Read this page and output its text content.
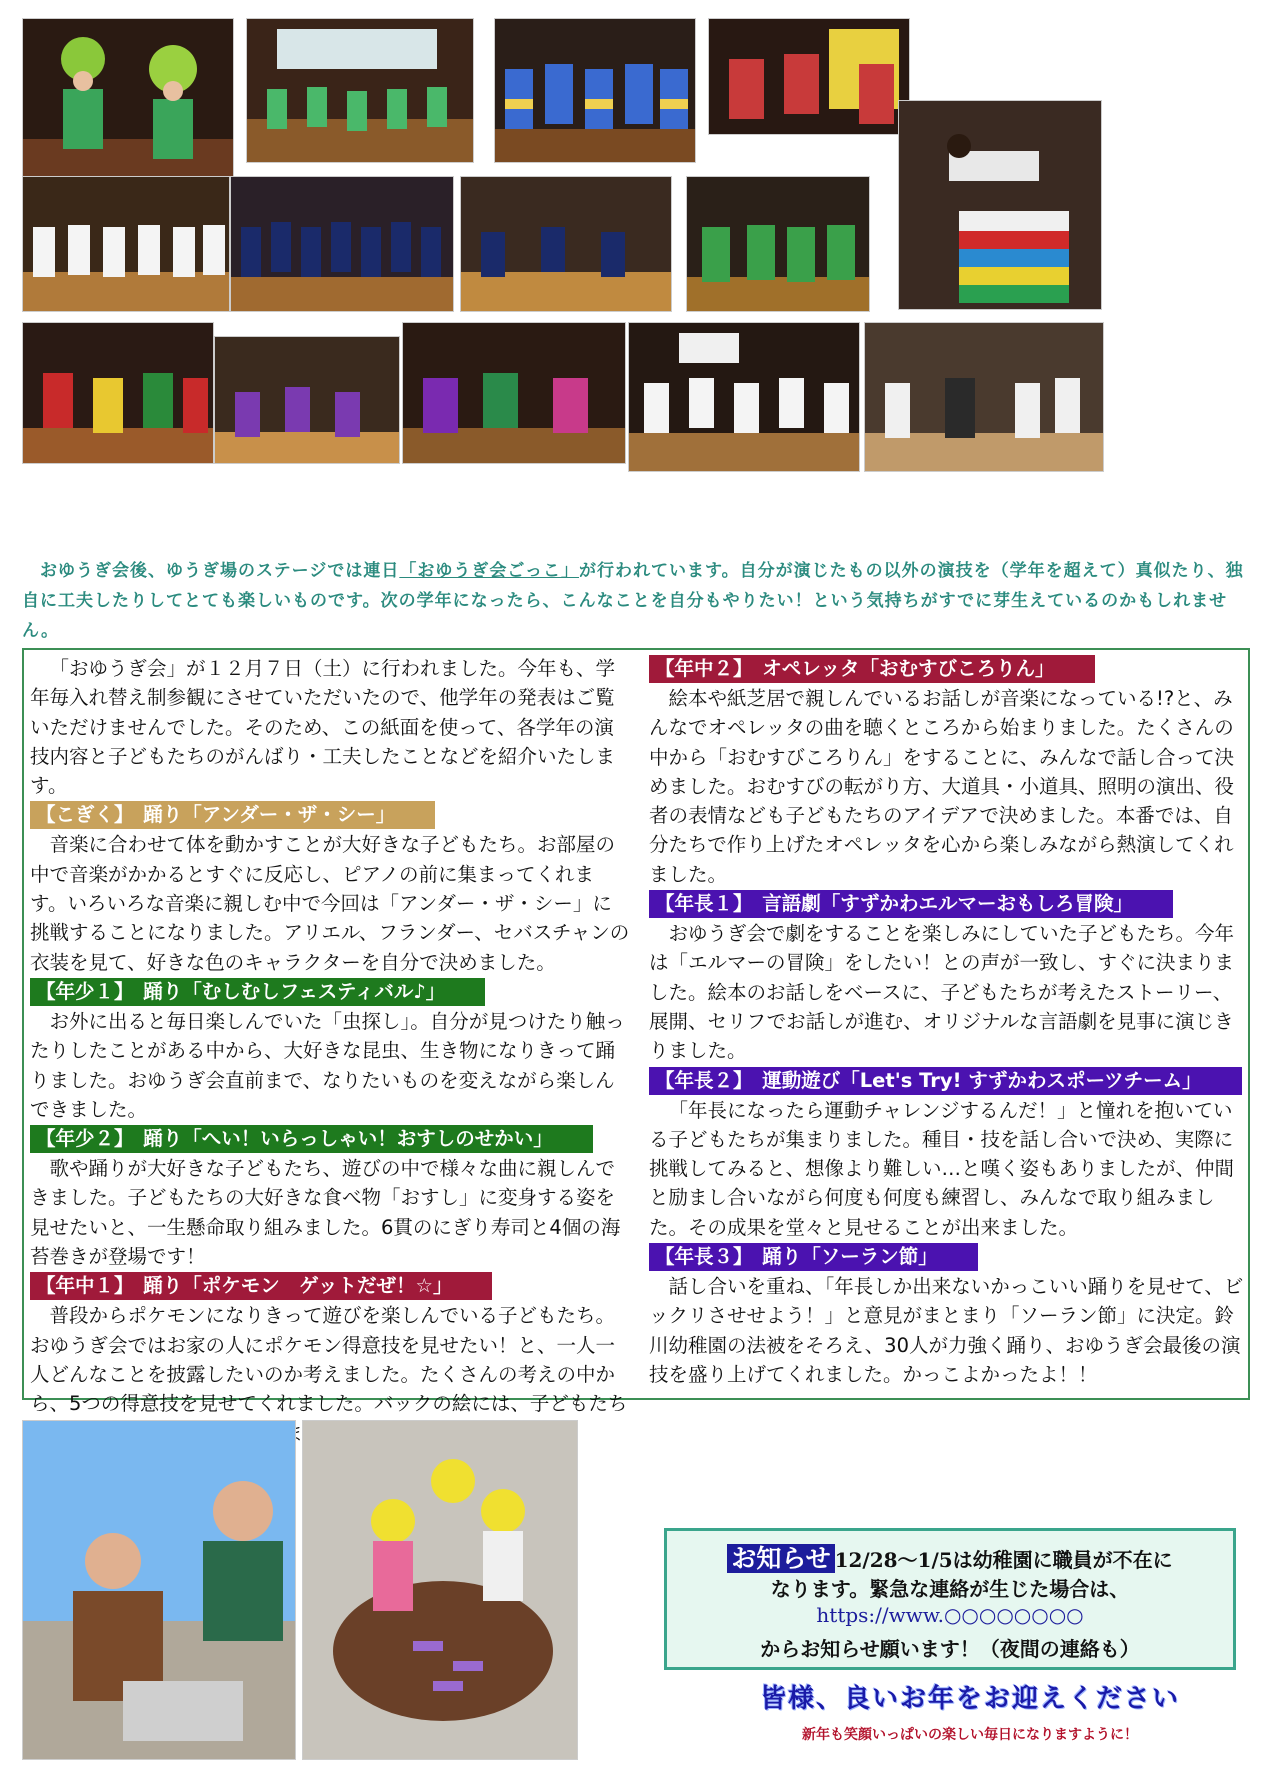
おゆうぎ会後、ゆうぎ場のステージでは連日「おゆうぎ会ごっこ」が行われています。自分が演じたもの以外の演技を（学年を超えて）真似たり、独自に工夫したりしてとても楽しいものです。次の学年になったら、こんなことを自分もやりたい！という気持ちがすでに芽生えているのかもしれません。

「おゆうぎ会」が１２月７日（土）に行われました。今年も、学年毎入れ替え制参観にさせていただいたので、他学年の発表はご覧いただけませんでした。そのため、この紙面を使って、各学年の演技内容と子どもたちのがんばり・工夫したことなどを紹介いたします。

【こぎく】　踊り「アンダー・ザ・シー」

音楽に合わせて体を動かすことが大好きな子どもたち。お部屋の中で音楽がかかるとすぐに反応し、ピアノの前に集まってくれます。いろいろな音楽に親しむ中で今回は「アンダー・ザ・シー」に挑戦することになりました。アリエル、フランダー、セバスチャンの衣装を見て、好きな色のキャラクターを自分で決めました。

【年少１】　踊り「むしむしフェスティバル♪」

お外に出ると毎日楽しんでいた「虫探し」。自分が見つけたり触ったりしたことがある中から、大好きな昆虫、生き物になりきって踊りました。おゆうぎ会直前まで、なりたいものを変えながら楽しんできました。

【年少２】　踊り「へい！いらっしゃい！おすしのせかい」

歌や踊りが大好きな子どもたち、遊びの中で様々な曲に親しんできました。子どもたちの大好きな食べ物「おすし」に変身する姿を見せたいと、一生懸命取り組みました。6貫のにぎり寿司と4個の海苔巻きが登場です！

【年中１】　踊り「ポケモン　ゲットだぜ！☆」

普段からポケモンになりきって遊びを楽しんでいる子どもたち。おゆうぎ会ではお家の人にポケモン得意技を見せたい！と、一人一人どんなことを披露したいのか考えました。たくさんの考えの中から、5つの得意技を見せてくれました。バックの絵には、子どもたち

【年中２】　オペレッタ「おむすびころりん」

絵本や紙芝居で親しんでいるお話しが音楽になっている!?と、みんなでオペレッタの曲を聴くところから始まりました。たくさんの中から「おむすびころりん」をすることに、みんなで話し合って決めました。おむすびの転がり方、大道具・小道具、照明の演出、役者の表情なども子どもたちのアイデアで決めました。本番では、自分たちで作り上げたオペレッタを心から楽しみながら熱演してくれました。

【年長１】　言語劇「すずかわエルマーおもしろ冒険」

おゆうぎ会で劇をすることを楽しみにしていた子どもたち。今年は「エルマーの冒険」をしたい！との声が一致し、すぐに決まりました。絵本のお話しをベースに、子どもたちが考えたストーリー、展開、セリフでお話しが進む、オリジナルな言語劇を見事に演じきりました。

【年長２】　運動遊び「Let's Try! すずかわスポーツチーム」

「年長になったら運動チャレンジするんだ！」と憧れを抱いている子どもたちが集まりました。種目・技を話し合いで決め、実際に挑戦してみると、想像より難しい…と嘆く姿もありましたが、仲間と励まし合いながら何度も何度も練習し、みんなで取り組みました。その成果を堂々と見せることが出来ました。

【年長３】　踊り「ソーラン節」

話し合いを重ね、「年長しか出来ないかっこいい踊りを見せて、ビックリさせせよう！」と意見がまとまり「ソーラン節」に決定。鈴川幼稚園の法被をそろえ、30人が力強く踊り、おゆうぎ会最後の演技を盛り上げてくれました。かっこよかったよ！！

お知らせ 12/28～1/5は幼稚園に職員が不在に
なります。緊急な連絡が生じた場合は、
https://www.○○○○○○○○
からお知らせ願います！（夜間の連絡も）
皆様、良いお年をお迎えください
新年も笑顔いっぱいの楽しい毎日になりますように！
